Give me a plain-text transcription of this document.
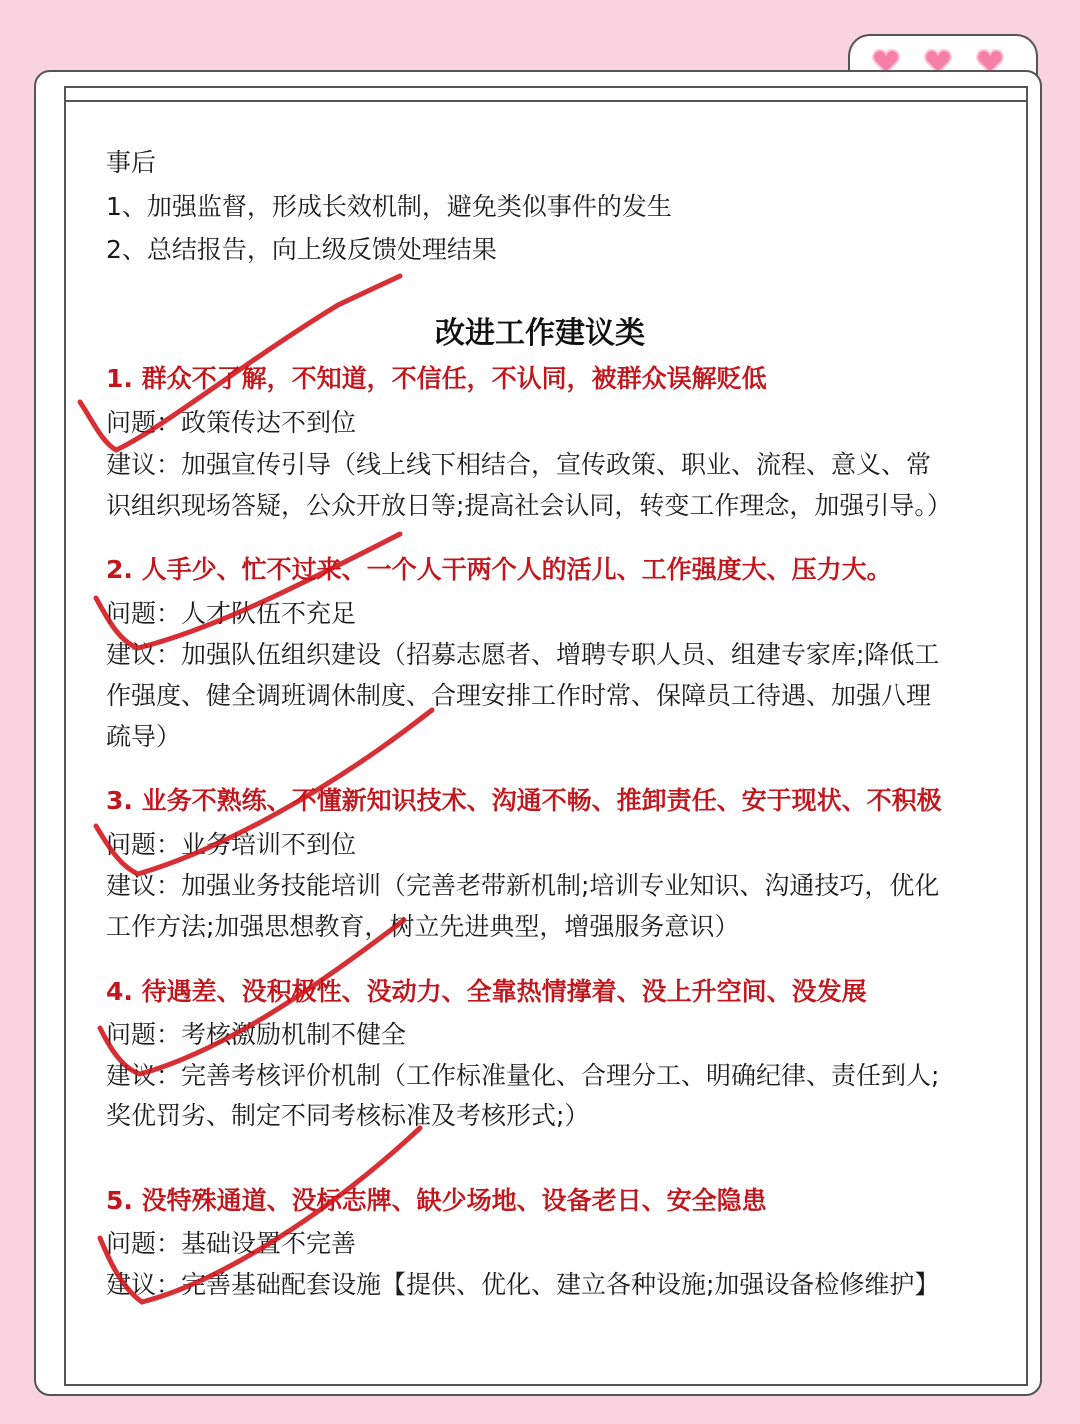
事后

1、加强监督，形成长效机制，避免类似事件的发生

2、总结报告，向上级反馈处理结果

改进工作建议类

1. 群众不了解，不知道，不信任，不认同，被群众误解贬低

问题：政策传达不到位

建议：加强宣传引导（线上线下相结合，宣传政策、职业、流程、意义、常

识组织现场答疑，公众开放日等;提高社会认同，转变工作理念，加强引导。）

2. 人手少、忙不过来、一个人干两个人的活儿、工作强度大、压力大。

问题：人才队伍不充足

建议：加强队伍组织建设（招募志愿者、增聘专职人员、组建专家库;降低工

作强度、健全调班调休制度、合理安排工作时常、保障员工待遇、加强八理

疏导）

3. 业务不熟练、不懂新知识技术、沟通不畅、推卸责任、安于现状、不积极

问题：业务培训不到位

建议：加强业务技能培训（完善老带新机制;培训专业知识、沟通技巧，优化

工作方法;加强思想教育，树立先进典型，增强服务意识）

4. 待遇差、没积极性、没动力、全靠热情撑着、没上升空间、没发展

问题：考核激励机制不健全

建议：完善考核评价机制（工作标准量化、合理分工、明确纪律、责任到人;

奖优罚劣、制定不同考核标准及考核形式;）

5. 没特殊通道、没标志牌、缺少场地、设备老日、安全隐患

问题：基础设置不完善

建议：完善基础配套设施【提供、优化、建立各种设施;加强设备检修维护】
